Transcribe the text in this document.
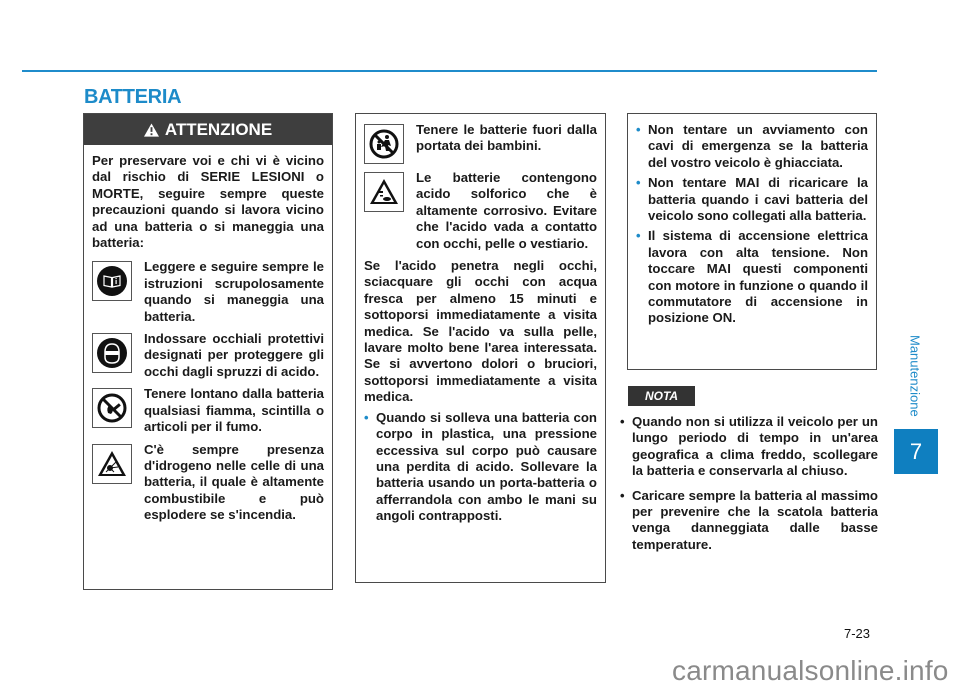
BATTERIA
ATTENZIONE

Per preservare voi e chi vi è vicino dal rischio di SERIE LESIONI o MORTE, seguire sempre queste precauzioni quando si lavora vicino ad una batteria o si maneggia una batteria:

Leggere e seguire sempre le istruzioni scrupolosamente quando si maneggia una batteria.

Indossare occhiali protettivi designati per proteggere gli occhi dagli spruzzi di acido.

Tenere lontano dalla batteria qualsiasi fiamma, scintilla o articoli per il fumo.

C'è sempre presenza d'idrogeno nelle celle di una batteria, il quale è altamente combustibile e può esplodere se s'incendia.

Tenere le batterie fuori dalla portata dei bambini.

Le batterie contengono acido solforico che è altamente corrosivo. Evitare che l'acido vada a contatto con occhi, pelle o vestiario.

Se l'acido penetra negli occhi, sciacquare gli occhi con acqua fresca per almeno 15 minuti e sottoporsi immediatamente a visita medica. Se l'acido va sulla pelle, lavare molto bene l'area interessata. Se si avvertono dolori o bruciori, sottoporsi immediatamente a visita medica.

• Quando si solleva una batteria con corpo in plastica, una pressione eccessiva sul corpo può causare una perdita di acido. Sollevare la batteria usando un porta-batteria o afferrandola con ambo le mani su angoli contrapposti.

• Non tentare un avviamento con cavi di emergenza se la batteria del vostro veicolo è ghiacciata.

• Non tentare MAI di ricaricare la batteria quando i cavi batteria del veicolo sono collegati alla batteria.

• Il sistema di accensione elettrica lavora con alta tensione. Non toccare MAI questi componenti con motore in funzione o quando il commutatore di accensione in posizione ON.

NOTA
• Quando non si utilizza il veicolo per un lungo periodo di tempo in un'area geografica a clima freddo, scollegare la batteria e conservarla al chiuso.

• Caricare sempre la batteria al massimo per prevenire che la scatola batteria venga danneggiata dalle basse temperature.

Manutenzione
7
7-23
carmanualsonline.info
